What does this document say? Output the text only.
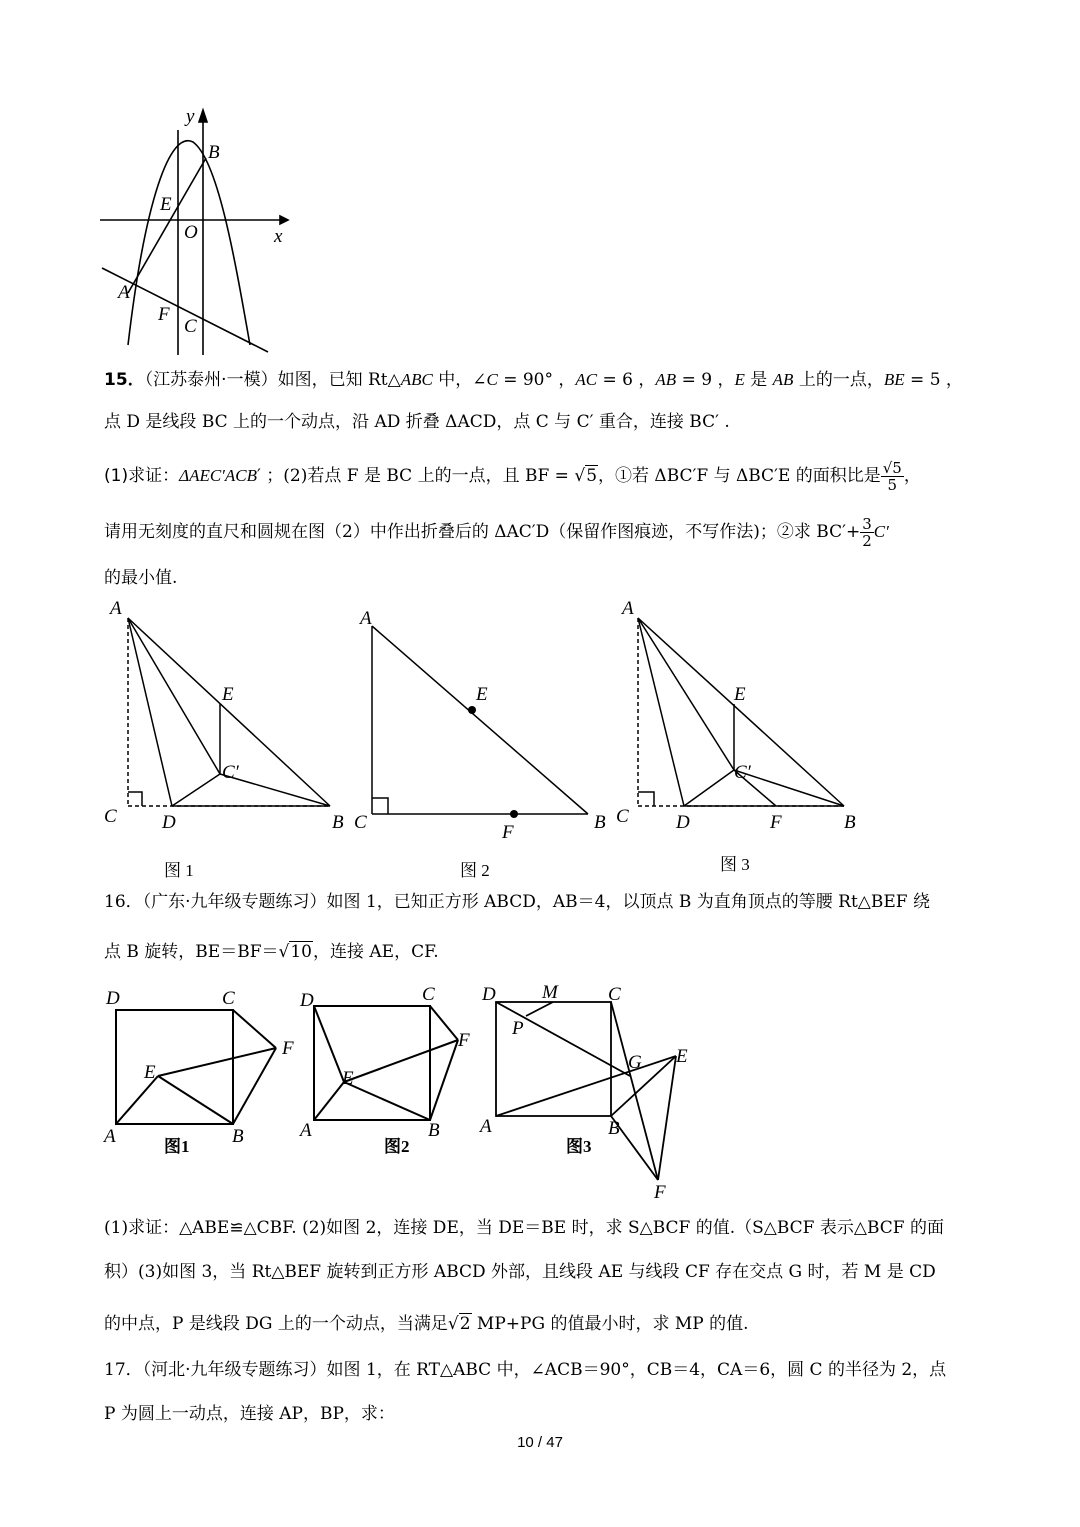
y
x
B
E
O
A
F
C
15．（江苏泰州·一模）如图，已知 Rt△ABC 中，∠C = 90° ，AC = 6 ，AB = 9 ，E 是 AB 上的一点，BE = 5 ，
点 D 是线段 BC 上的一个动点，沿 AD 折叠 ΔACD，点 C 与 C′ 重合，连接 BC′ .
(1)求证：ΔAEC′ACB′ ；(2)若点 F 是 BC 上的一点，且 BF = √5，①若 ΔBC′F 与 ΔBC′E 的面积比是 $\frac{√5}{5}$ ，
请用无刻度的直尺和圆规在图（2）中作出折叠后的 ΔAC′D（保留作图痕迹，不写作法)；②求 $BC'+ \frac{3}{2} C'$
的最小值.
A
E
C′
C D	B
图 1
A
E
C	F	B
图 2
A
E
C′
C D	F	B
图 3
16．（广东·九年级专题练习）如图 1，已知正方形 ABCD，AB＝4，以顶点 B 为直角顶点的等腰 Rt△BEF 绕
点 B 旋转，BE＝BF＝√10，连接 AE，CF.
D	C
F
E
A	B
图1
D	C
F
E
A	B
图2
D M	C
P
G E
A	B
F
图3
(1)求证：△ABE≌△CBF. (2)如图 2，连接 DE，当 DE＝BE 时，求 S△BCF 的值.（S△BCF 表示△BCF 的面
积）(3)如图 3，当 Rt△BEF 旋转到正方形 ABCD 外部，且线段 AE 与线段 CF 存在交点 G 时，若 M 是 CD
的中点，P 是线段 DG 上的一个动点，当满足√2 MP+PG 的值最小时，求 MP 的值.
17．（河北·九年级专题练习）如图 1，在 RT△ABC 中，∠ACB＝90°，CB＝4，CA＝6，圆 C 的半径为 2，点
P 为圆上一动点，连接 AP，BP，求：
10 / 47
